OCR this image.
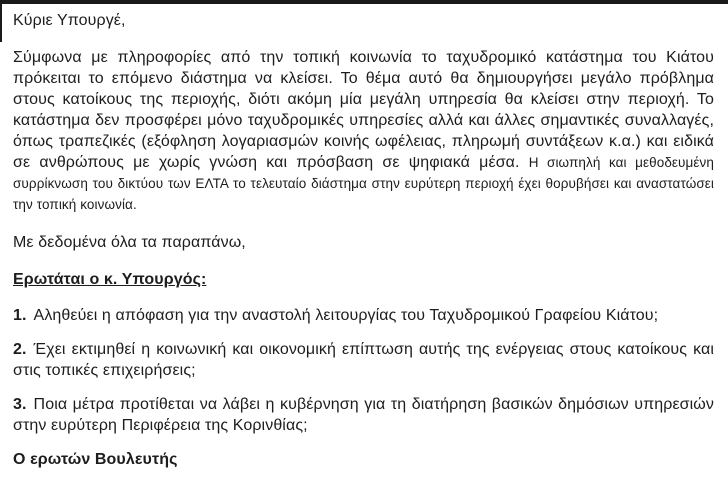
Κύριε Υπουργέ,

Σύμφωνα με πληροφορίες από την τοπική κοινωνία το ταχυδρομικό κατάστημα του Κιάτου πρόκειται το επόμενο διάστημα να κλείσει. Το θέμα αυτό θα δημιουργήσει μεγάλο πρόβλημα στους κατοίκους της περιοχής, διότι ακόμη μία μεγάλη υπηρεσία θα κλείσει στην περιοχή. Το κατάστημα δεν προσφέρει μόνο ταχυδρομικές υπηρεσίες αλλά και άλλες σημαντικές συναλλαγές, όπως τραπεζικές (εξόφληση λογαριασμών κοινής ωφέλειας, πληρωμή συντάξεων κ.α.) και ειδικά σε ανθρώπους με χωρίς γνώση και πρόσβαση σε ψηφιακά μέσα. Η σιωπηλή και μεθοδευμένη συρρίκνωση του δικτύου των ΕΛΤΑ το τελευταίο διάστημα στην ευρύτερη περιοχή έχει θορυβήσει και αναστατώσει την τοπική κοινωνία.

Με δεδομένα όλα τα παραπάνω,

Ερωτάται ο κ. Υπουργός:

1. Αληθεύει η απόφαση για την αναστολή λειτουργίας του Ταχυδρομικού Γραφείου Κιάτου;

2. Έχει εκτιμηθεί η κοινωνική και οικονομική επίπτωση αυτής της ενέργειας στους κατοίκους και στις τοπικές επιχειρήσεις;

3. Ποια μέτρα προτίθεται να λάβει η κυβέρνηση για τη διατήρηση βασικών δημόσιων υπηρεσιών στην ευρύτερη Περιφέρεια της Κορινθίας;

Ο ερωτών Βουλευτής
